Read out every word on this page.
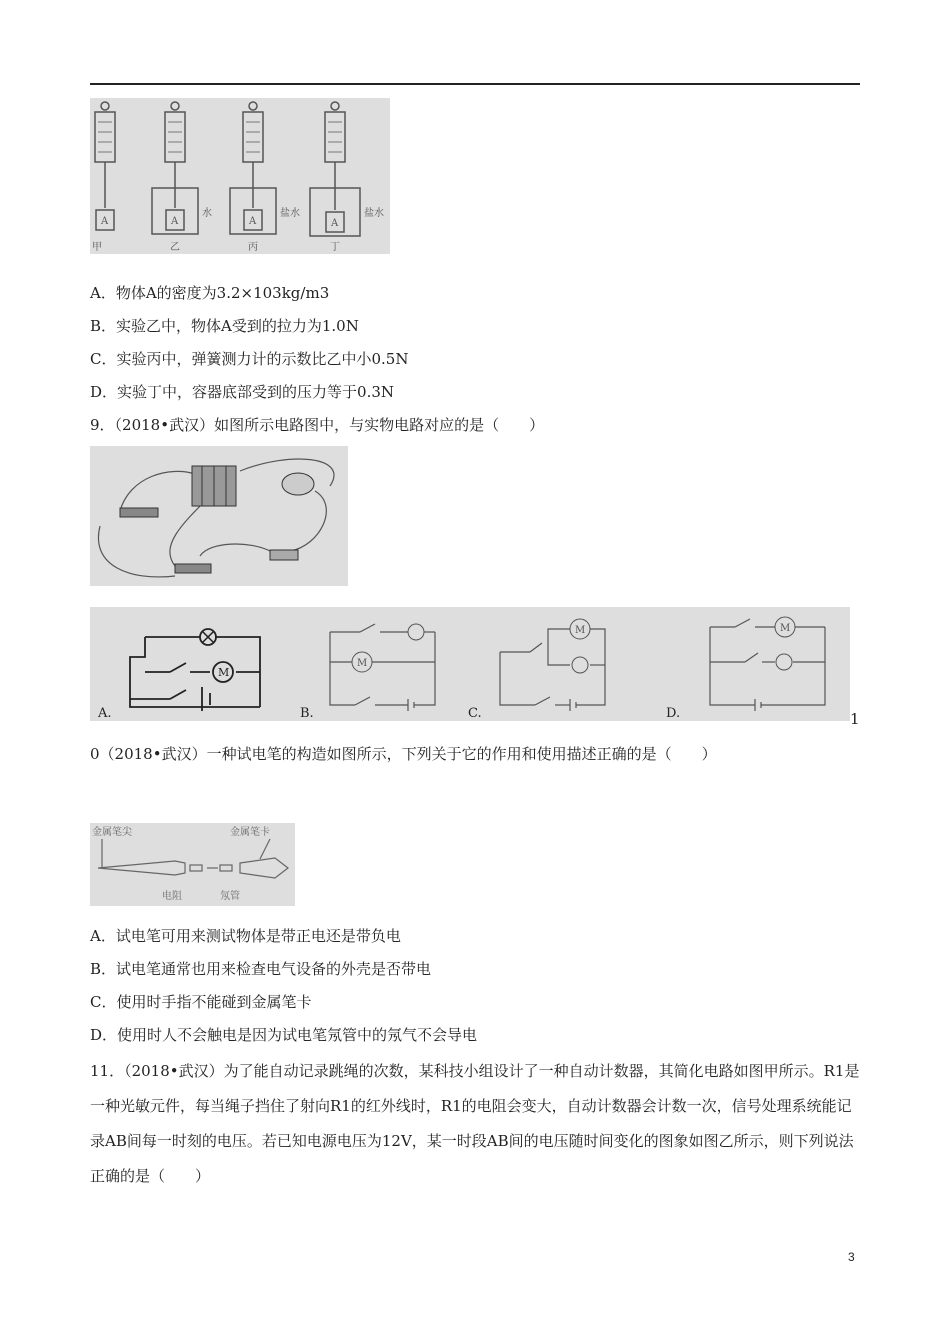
A	A	A	A
水	盐水	盐水
甲	乙	丙	丁
A．物体A的密度为3.2×103kg/m3
B．实验乙中，物体A受到的拉力为1.0N
C．实验丙中，弹簧测力计的示数比乙中小0.5N
D．实验丁中，容器底部受到的压力等于0.3N
9．（2018•武汉）如图所示电路图中，与实物电路对应的是（　　）
M
M
M	M
A.	B.	C.	D.	1
0（2018•武汉）一种试电笔的构造如图所示，下列关于它的作用和使用描述正确的是（　　）
金属笔尖	金属笔卡
电阻	氖管
A．试电笔可用来测试物体是带正电还是带负电
B．试电笔通常也用来检查电气设备的外壳是否带电
C．使用时手指不能碰到金属笔卡
D．使用时人不会触电是因为试电笔氖管中的氖气不会导电
11．（2018•武汉）为了能自动记录跳绳的次数，某科技小组设计了一种自动计数器，其简化电路如图甲所示。R1是一种光敏元件，每当绳子挡住了射向R1的红外线时，R1的电阻会变大，自动计数器会计数一次，信号处理系统能记录AB间每一时刻的电压。若已知电源电压为12V，某一时段AB间的电压随时间变化的图象如图乙所示，则下列说法正确的是（　　）
3
